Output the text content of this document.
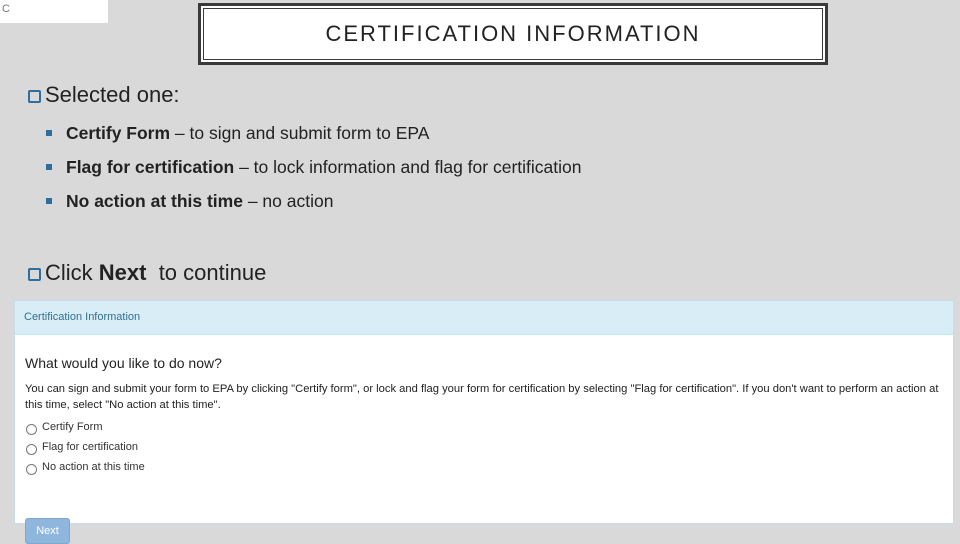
C
CERTIFICATION INFORMATION
Selected one:
Certify Form – to sign and submit form to EPA
Flag for certification – to lock information and flag for certification
No action at this time – no action
Click Next  to continue
Certification Information
What would you like to do now?
You can sign and submit your form to EPA by clicking "Certify form", or lock and flag your form for certification by selecting "Flag for certification". If you don't want to perform an action at this time, select "No action at this time".
Certify Form
Flag for certification
No action at this time
Next
